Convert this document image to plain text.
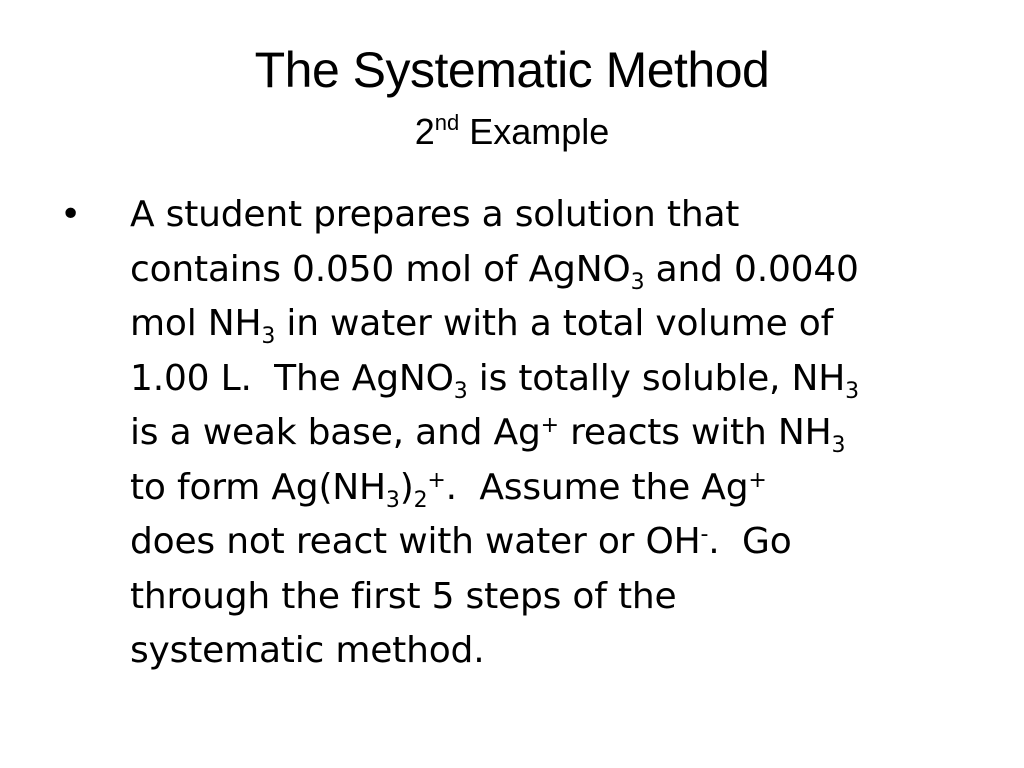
The Systematic Method
2nd Example
• A student prepares a solution that
contains 0.050 mol of AgNO$_3$ and 0.0040
mol $NH_3$ in water with a total volume of
1.00 L.  The AgNO$_3$ is totally soluble, $NH_3$
is a weak base, and Ag+ reacts with $NH_3$
to form $Ag(NH_3)_2^+$.  Assume the Ag+
does not react with water or OH-.  Go
through the first 5 steps of the
systematic method.
